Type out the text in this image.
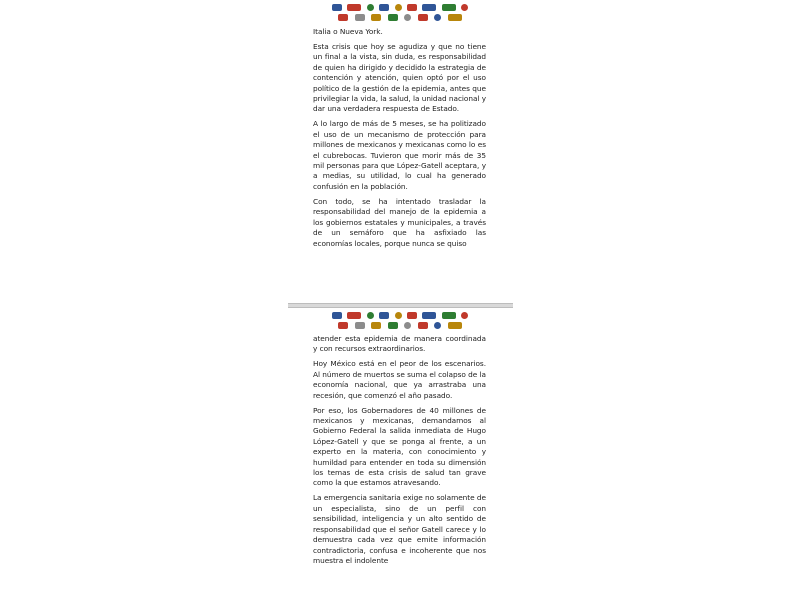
Italia o Nueva York.

Esta crisis que hoy se agudiza y que no tiene un final a la vista, sin duda, es responsabilidad de quien ha dirigido y decidido la estrategia de contención y atención, quien optó por el uso político de la gestión de la epidemia, antes que privilegiar la vida, la salud, la unidad nacional y dar una verdadera respuesta de Estado.

A lo largo de más de 5 meses, se ha politizado el uso de un mecanismo de protección para millones de mexicanos y mexicanas como lo es el cubrebocas. Tuvieron que morir más de 35 mil personas para que López-Gatell aceptara, y a medias, su utilidad, lo cual ha generado confusión en la población.

Con todo, se ha intentado trasladar la responsabilidad del manejo de la epidemia a los gobiernos estatales y municipales, a través de un semáforo que ha asfixiado las economías locales, porque nunca se quiso

atender esta epidemia de manera coordinada y con recursos extraordinarios.

Hoy México está en el peor de los escenarios. Al número de muertos se suma el colapso de la economía nacional, que ya arrastraba una recesión, que comenzó el año pasado.

Por eso, los Gobernadores de 40 millones de mexicanos y mexicanas, demandamos al Gobierno Federal la salida inmediata de Hugo López-Gatell y que se ponga al frente, a un experto en la materia, con conocimiento y humildad para entender en toda su dimensión los temas de esta crisis de salud tan grave como la que estamos atravesando.

La emergencia sanitaria exige no solamente de un especialista, sino de un perfil con sensibilidad, inteligencia y un alto sentido de responsabilidad que el señor Gatell carece y lo demuestra cada vez que emite información contradictoria, confusa e incoherente que nos muestra el indolente
